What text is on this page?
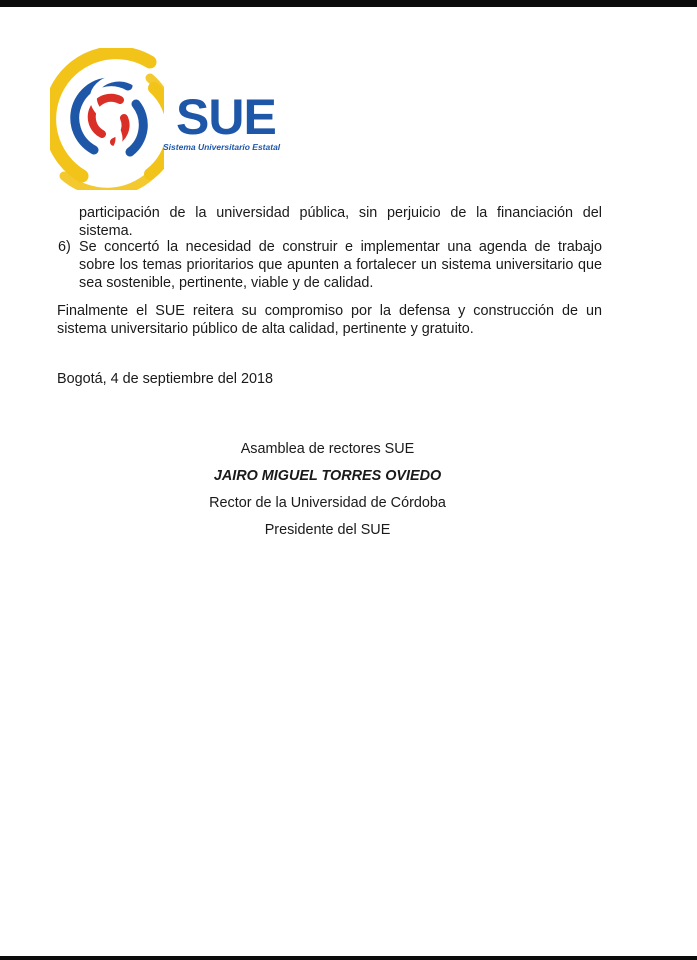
SUE
Sistema Universitario Estatal
participación de la universidad pública, sin perjuicio de la financiación del sistema.
6) Se concertó la necesidad de construir e implementar una agenda de trabajo sobre los temas prioritarios que apunten a fortalecer un sistema universitario que sea sostenible, pertinente, viable y de calidad.
Finalmente el SUE reitera su compromiso por la defensa y construcción de un sistema universitario público de alta calidad, pertinente y gratuito.
Bogotá, 4 de septiembre del 2018
Asamblea de rectores SUE
JAIRO MIGUEL TORRES OVIEDO
Rector de la Universidad de Córdoba
Presidente del SUE
